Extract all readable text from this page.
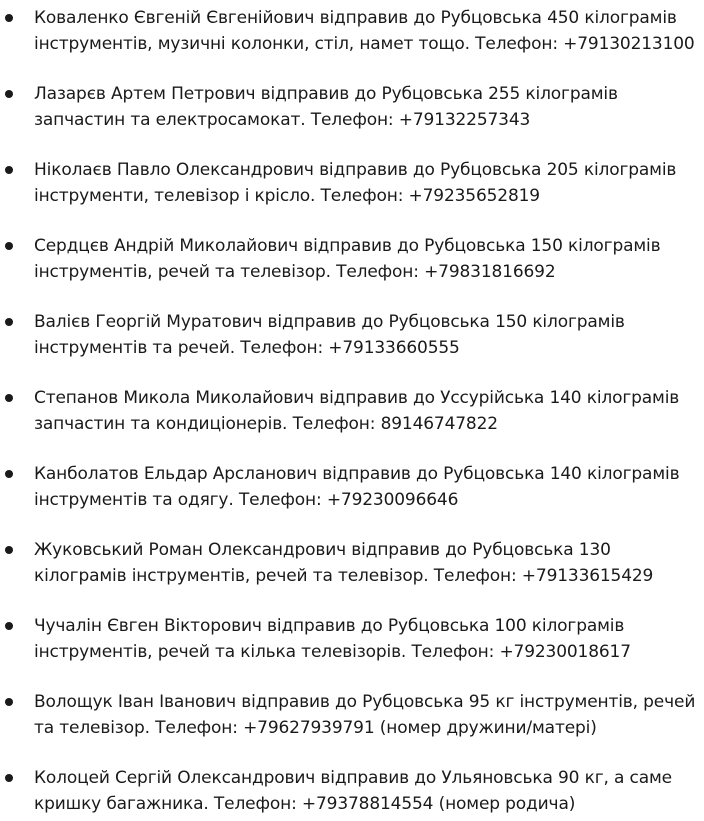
Коваленко Євгеній Євгенійович відправив до Рубцовська 450 кілограмів інструментів, музичні колонки, стіл, намет тощо. Телефон: +79130213100
Лазарєв Артем Петрович відправив до Рубцовська 255 кілограмів запчастин та електросамокат. Телефон: +79132257343
Ніколаєв Павло Олександрович відправив до Рубцовська 205 кілограмів інструменти, телевізор і крісло. Телефон: +79235652819
Сердцєв Андрій Миколайович відправив до Рубцовська 150 кілограмів інструментів, речей та телевізор. Телефон: +79831816692
Валієв Георгій Муратович відправив до Рубцовська 150 кілограмів інструментів та речей. Телефон: +79133660555
Степанов Микола Миколайович відправив до Уссурійська 140 кілограмів запчастин та кондиціонерів. Телефон: 89146747822
Канболатов Ельдар Арсланович відправив до Рубцовська 140 кілограмів інструментів та одягу. Телефон: +79230096646
Жуковський Роман Олександрович відправив до Рубцовська 130 кілограмів інструментів, речей та телевізор. Телефон: +79133615429
Чучалін Євген Вікторович відправив до Рубцовська 100 кілограмів інструментів, речей та кілька телевізорів. Телефон: +79230018617
Волощук Іван Іванович відправив до Рубцовська 95 кг інструментів, речей та телевізор. Телефон: +79627939791 (номер дружини/матері)
Колоцей Сергій Олександрович відправив до Ульяновська 90 кг, а саме кришку багажника. Телефон: +79378814554 (номер родича)
